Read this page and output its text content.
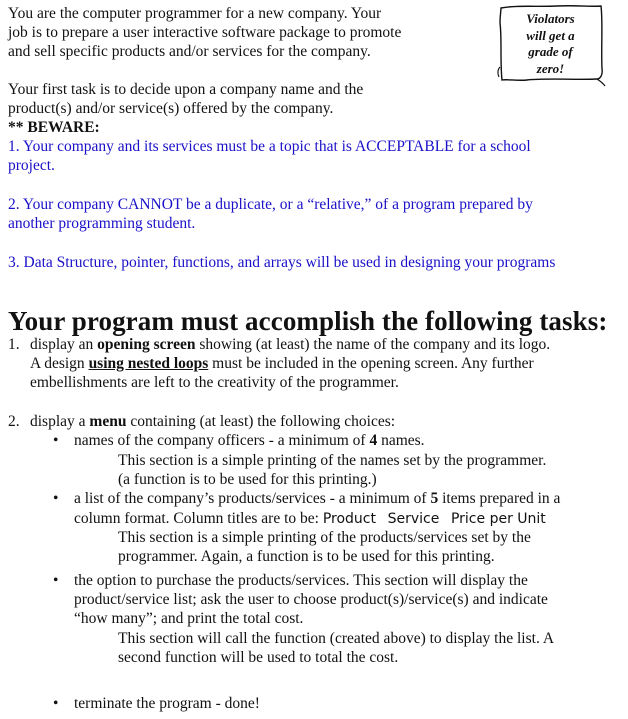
You are the computer programmer for a new company. Your
job is to prepare a user interactive software package to promote
and sell specific products and/or services for the company.
Violators
will get a
grade of
zero!
Your first task is to decide upon a company name and the
product(s) and/or service(s) offered by the company.
** BEWARE:
1. Your company and its services must be a topic that is ACCEPTABLE for a school
project.
2. Your company CANNOT be a duplicate, or a “relative,” of a program prepared by
another programming student.
3. Data Structure, pointer, functions, and arrays will be used in designing your programs
Your program must accomplish the following tasks:
1. display an opening screen showing (at least) the name of the company and its logo.
A design using nested loops must be included in the opening screen. Any further
embellishments are left to the creativity of the programmer.
2. display a menu containing (at least) the following choices:
• names of the company officers - a minimum of 4 names.
This section is a simple printing of the names set by the programmer.
(a function is to be used for this printing.)
• a list of the company’s products/services - a minimum of 5 items prepared in a
column format. Column titles are to be: Product Service Price per Unit
This section is a simple printing of the products/services set by the
programmer. Again, a function is to be used for this printing.
• the option to purchase the products/services. This section will display the
product/service list; ask the user to choose product(s)/service(s) and indicate
“how many”; and print the total cost.
This section will call the function (created above) to display the list. A
second function will be used to total the cost.
• terminate the program - done!
